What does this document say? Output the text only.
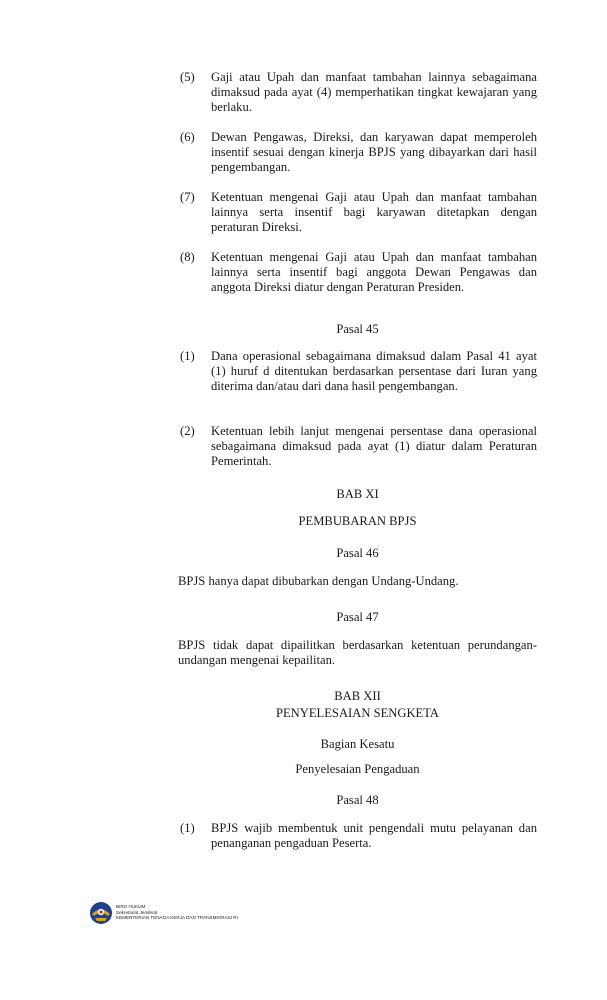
(5) Gaji atau Upah dan manfaat tambahan lainnya sebagaimana dimaksud pada ayat (4) memperhatikan tingkat kewajaran yang berlaku.
(6) Dewan Pengawas, Direksi, dan karyawan dapat memperoleh insentif sesuai dengan kinerja BPJS yang dibayarkan dari hasil pengembangan.
(7) Ketentuan mengenai Gaji atau Upah dan manfaat tambahan lainnya serta insentif bagi karyawan ditetapkan dengan peraturan Direksi.
(8) Ketentuan mengenai Gaji atau Upah dan manfaat tambahan lainnya serta insentif bagi anggota Dewan Pengawas dan anggota Direksi diatur dengan Peraturan Presiden.
Pasal 45
(1) Dana operasional sebagaimana dimaksud dalam Pasal 41 ayat (1) huruf d ditentukan berdasarkan persentase dari Iuran yang diterima dan/atau dari dana hasil pengembangan.
(2) Ketentuan lebih lanjut mengenai persentase dana operasional sebagaimana dimaksud pada ayat (1) diatur dalam Peraturan Pemerintah.
BAB XI
PEMBUBARAN BPJS
Pasal 46
BPJS hanya dapat dibubarkan dengan Undang-Undang.
Pasal 47
BPJS tidak dapat dipailitkan berdasarkan ketentuan perundangan-undangan mengenai kepailitan.
BAB XII
PENYELESAIAN SENGKETA
Bagian Kesatu
Penyelesaian Pengaduan
Pasal 48
(1) BPJS wajib membentuk unit pengendali mutu pelayanan dan penanganan pengaduan Peserta.
BIRO HUKUM
Sekretariat Jenderal
KEMENTERIAN TENAGA KERJA DAN TRANSMIGRASI RI
